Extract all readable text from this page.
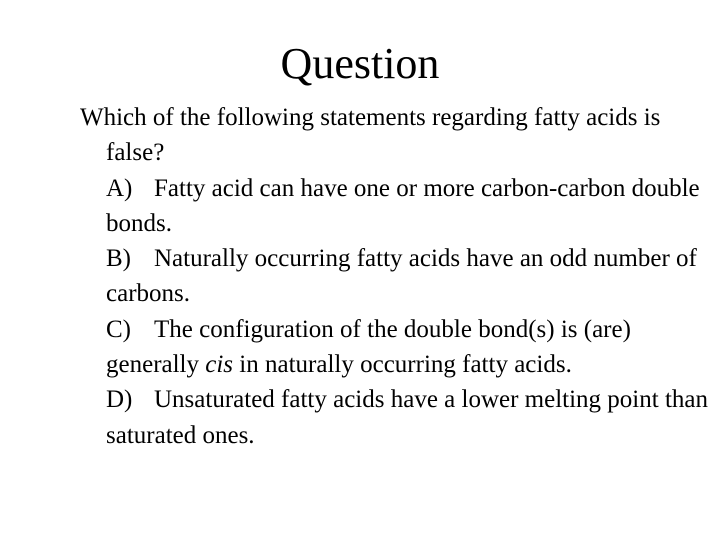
Question

Which of the following statements regarding fatty acids is false?

A) Fatty acid can have one or more carbon-carbon double bonds.

B) Naturally occurring fatty acids have an odd number of carbons.

C) The configuration of the double bond(s) is (are) generally cis in naturally occurring fatty acids.

D) Unsaturated fatty acids have a lower melting point than saturated ones.
